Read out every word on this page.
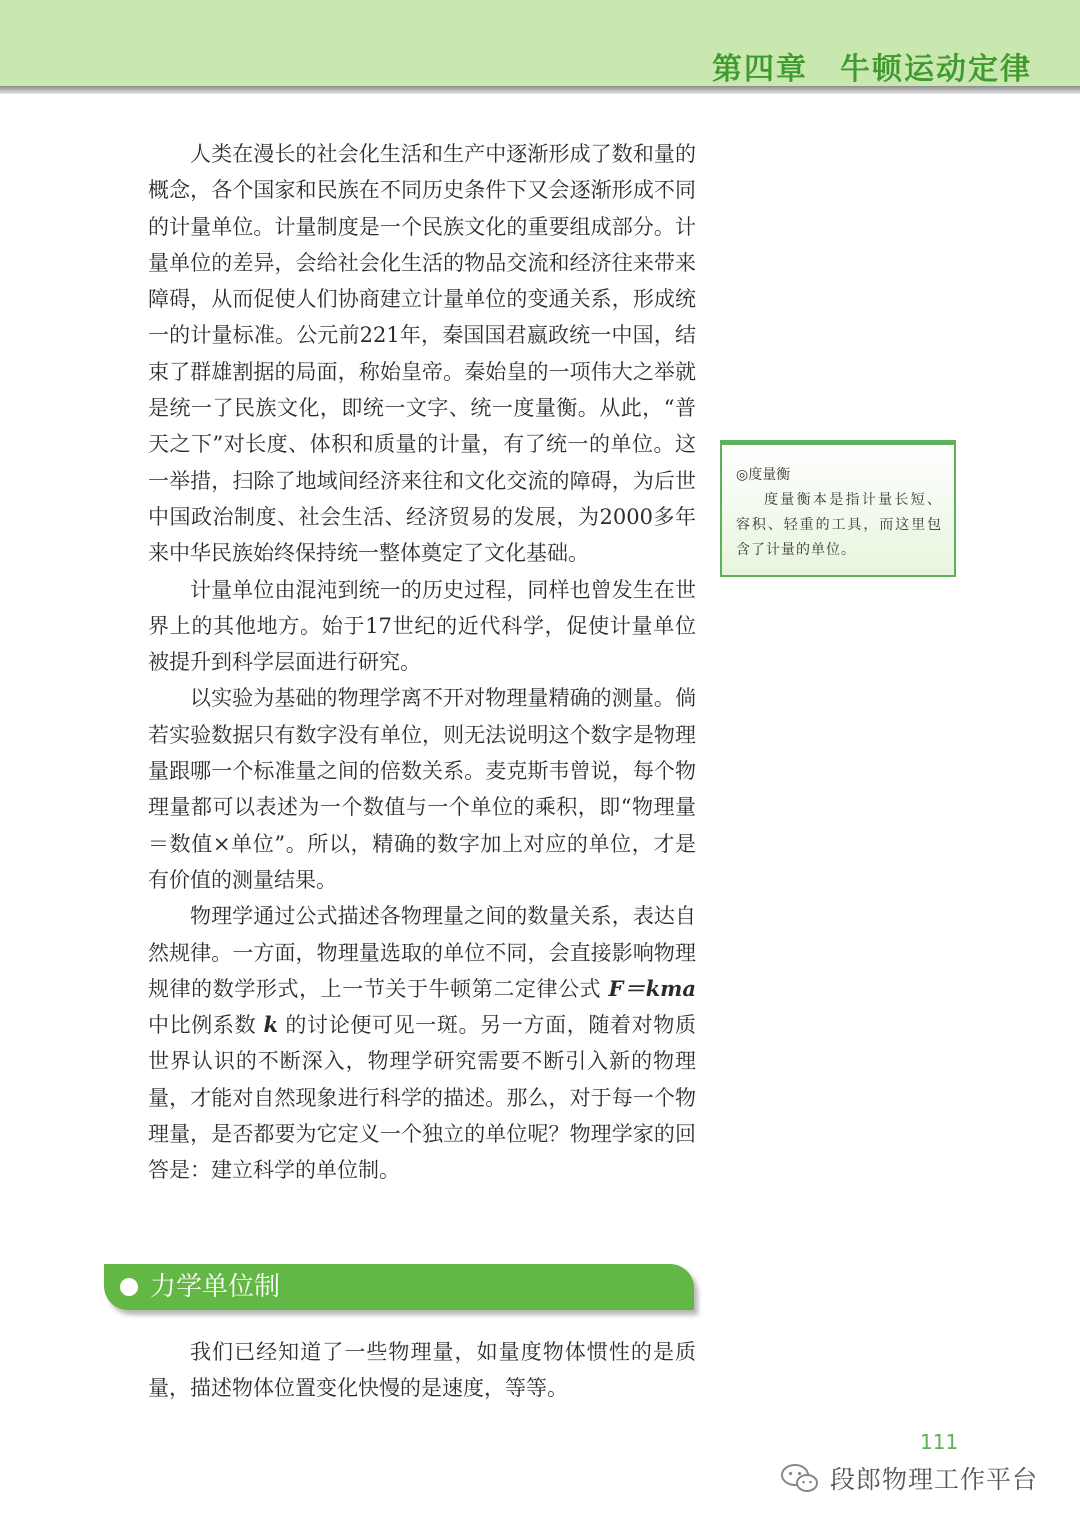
第四章　牛顿运动定律

人类在漫长的社会化生活和生产中逐渐形成了数和量的概念，各个国家和民族在不同历史条件下又会逐渐形成不同的计量单位。计量制度是一个民族文化的重要组成部分。计量单位的差异，会给社会化生活的物品交流和经济往来带来障碍，从而促使人们协商建立计量单位的变通关系，形成统一的计量标准。公元前221年，秦国国君嬴政统一中国，结束了群雄割据的局面，称始皇帝。秦始皇的一项伟大之举就是统一了民族文化，即统一文字、统一度量衡。从此，“普天之下”对长度、体积和质量的计量，有了统一的单位。这一举措，扫除了地域间经济来往和文化交流的障碍，为后世中国政治制度、社会生活、经济贸易的发展，为2000多年来中华民族始终保持统一整体奠定了文化基础。

计量单位由混沌到统一的历史过程，同样也曾发生在世界上的其他地方。始于17世纪的近代科学，促使计量单位被提升到科学层面进行研究。

以实验为基础的物理学离不开对物理量精确的测量。倘若实验数据只有数字没有单位，则无法说明这个数字是物理量跟哪一个标准量之间的倍数关系。麦克斯韦曾说，每个物理量都可以表述为一个数值与一个单位的乘积，即“物理量＝数值×单位”。所以，精确的数字加上对应的单位，才是有价值的测量结果。

物理学通过公式描述各物理量之间的数量关系，表达自然规律。一方面，物理量选取的单位不同，会直接影响物理规律的数学形式，上一节关于牛顿第二定律公式 F＝kma 中比例系数 k 的讨论便可见一斑。另一方面，随着对物质世界认识的不断深入，物理学研究需要不断引入新的物理量，才能对自然现象进行科学的描述。那么，对于每一个物理量，是否都要为它定义一个独立的单位呢？物理学家的回答是：建立科学的单位制。

◎度量衡

度量衡本是指计量长短、容积、轻重的工具，而这里包含了计量的单位。

力学单位制

我们已经知道了一些物理量，如量度物体惯性的是质量，描述物体位置变化快慢的是速度，等等。

111
段郎物理工作平台
